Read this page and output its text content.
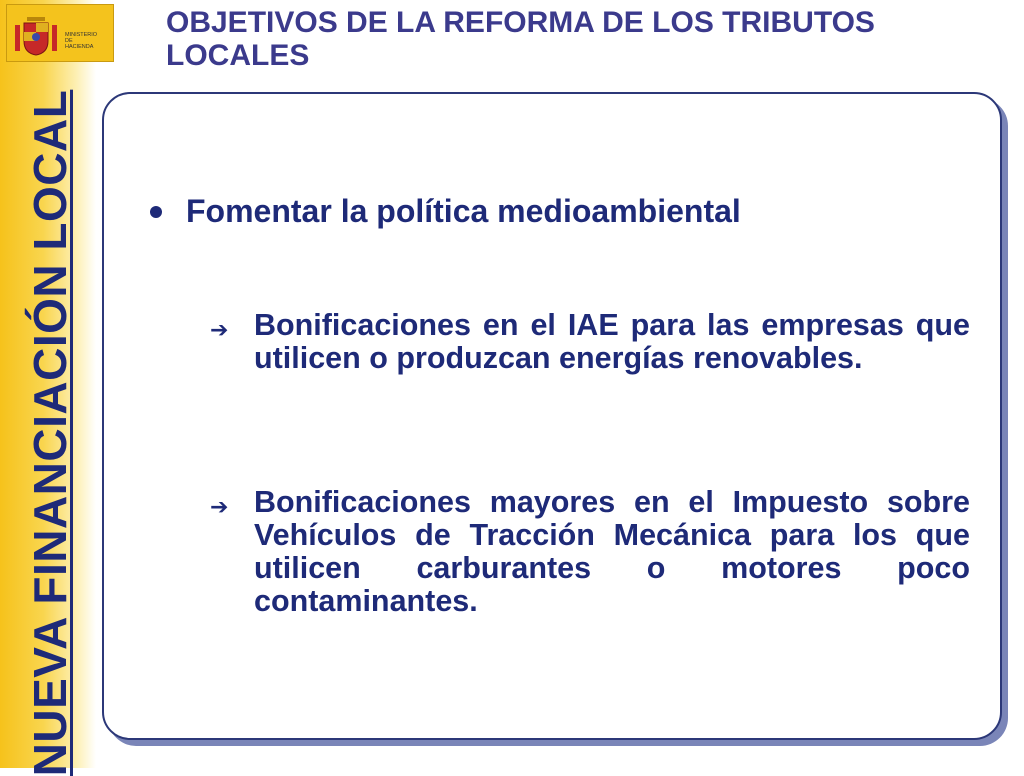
NUEVA FINANCIACIÓN LOCAL
MINISTERIO
DE
HACIENDA
OBJETIVOS DE LA REFORMA DE LOS TRIBUTOS LOCALES
Fomentar la política medioambiental
➔ Bonificaciones en el IAE para las empresas que utilicen o produzcan energías renovables.
➔ Bonificaciones mayores en el Impuesto sobre Vehículos de Tracción Mecánica para los que utilicen carburantes o motores poco contaminantes.
